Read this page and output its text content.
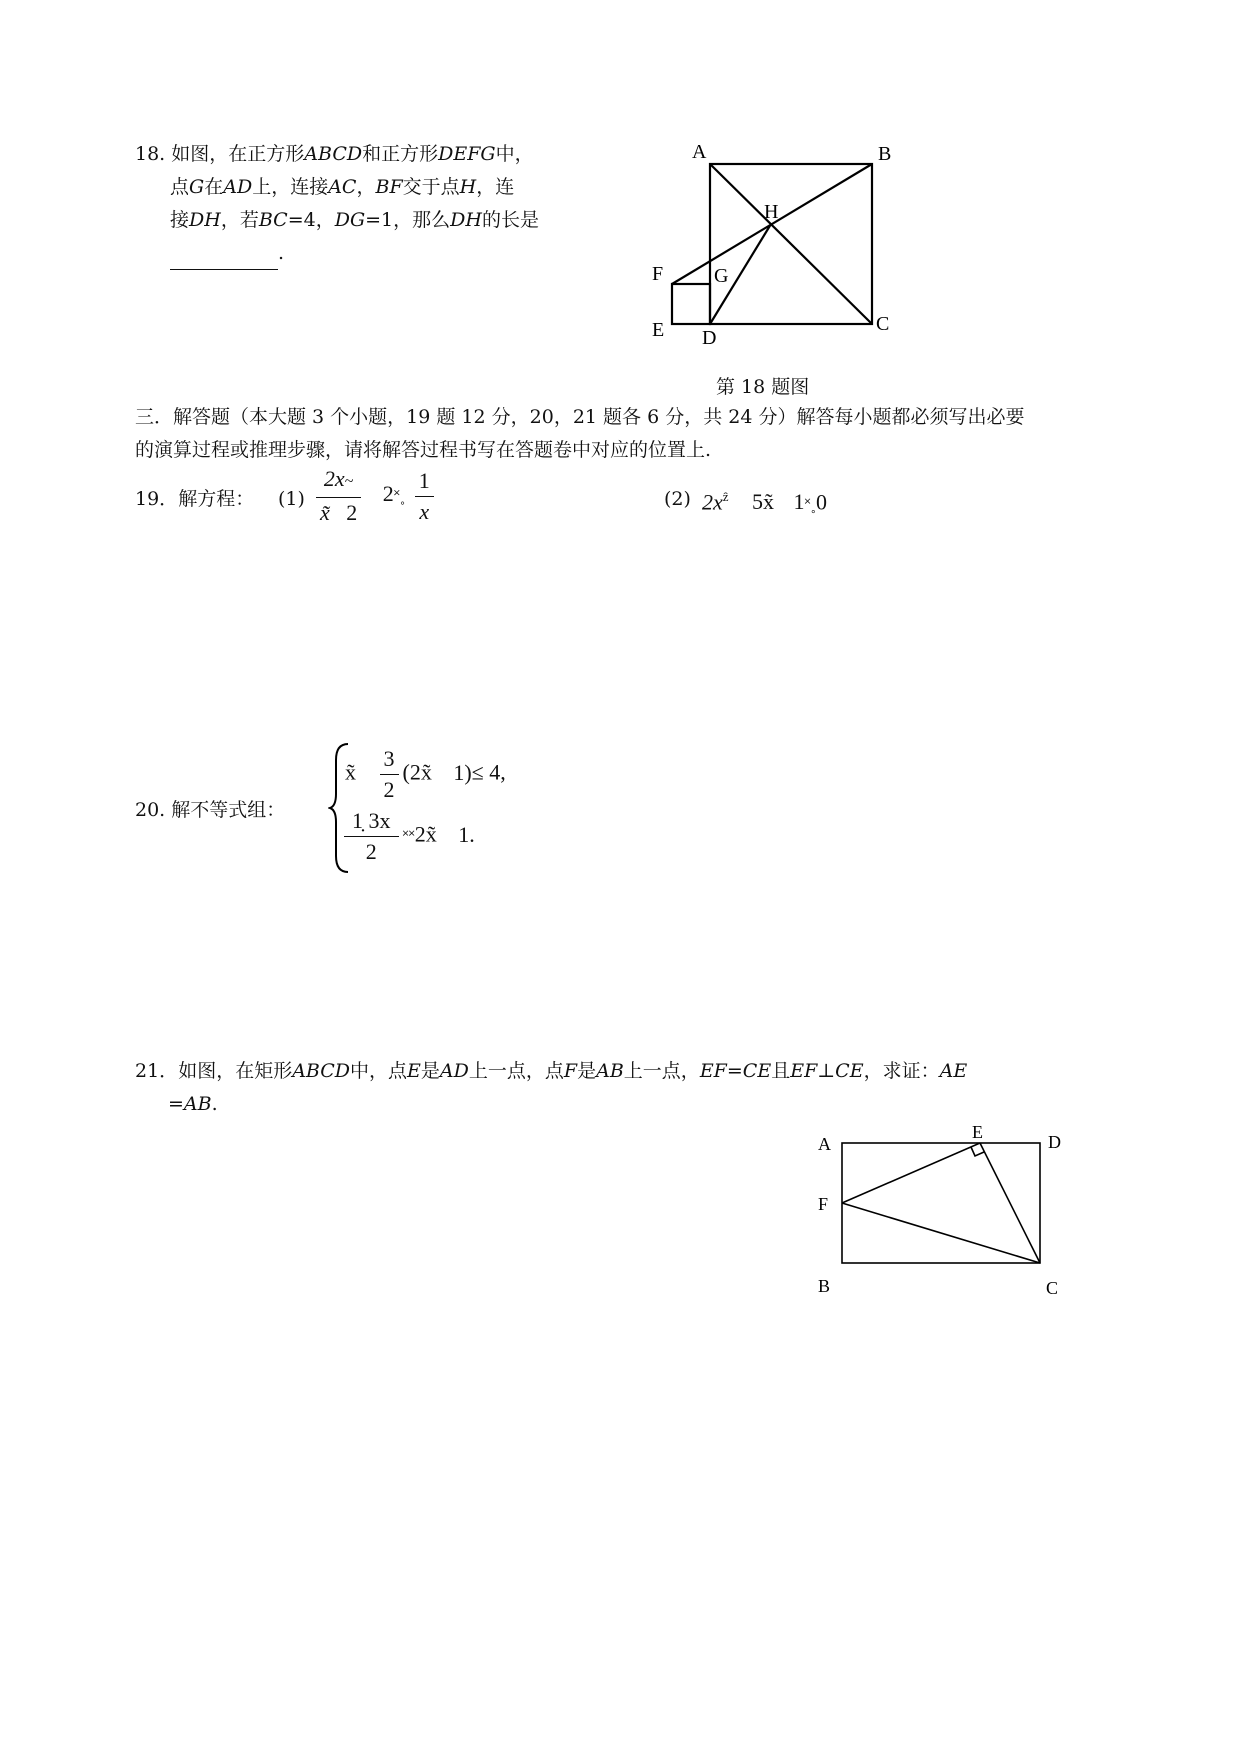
18. 如图，在正方形ABCD和正方形DEFG中，
点G在AD上，连接AC，BF交于点H，连
接DH，若BC=4，DG=1，那么DH的长是
.
A	B
C
D
E
F	G
H
第 18 题图
三．解答题（本大题 3 个小题，19 题 12 分，20，21 题各 6 分，共 24 分）解答每小题都必须写出必要
的演算过程或推理步骤，请将解答过程书写在答题卷中对应的位置上.
19．解方程： $(1) \frac{2x\sim}{x̃ 2}$ 2˟˳ $\frac{1}{x}$	(2) $2x^ẑ$ 5x̃ 1˟˳0
20. 解不等式组：
x̃ $\frac{3}{2}$ (2x̃ 1)≤ 4,
$\frac{1̣ 3x}{2}$ ˟˟2x̃ 1.
21．如图，在矩形ABCD中，点E是AD上一点，点F是AB上一点，EF=CE且EF⊥CE，求证：AE
=AB.
A
B	C
D
E
F
